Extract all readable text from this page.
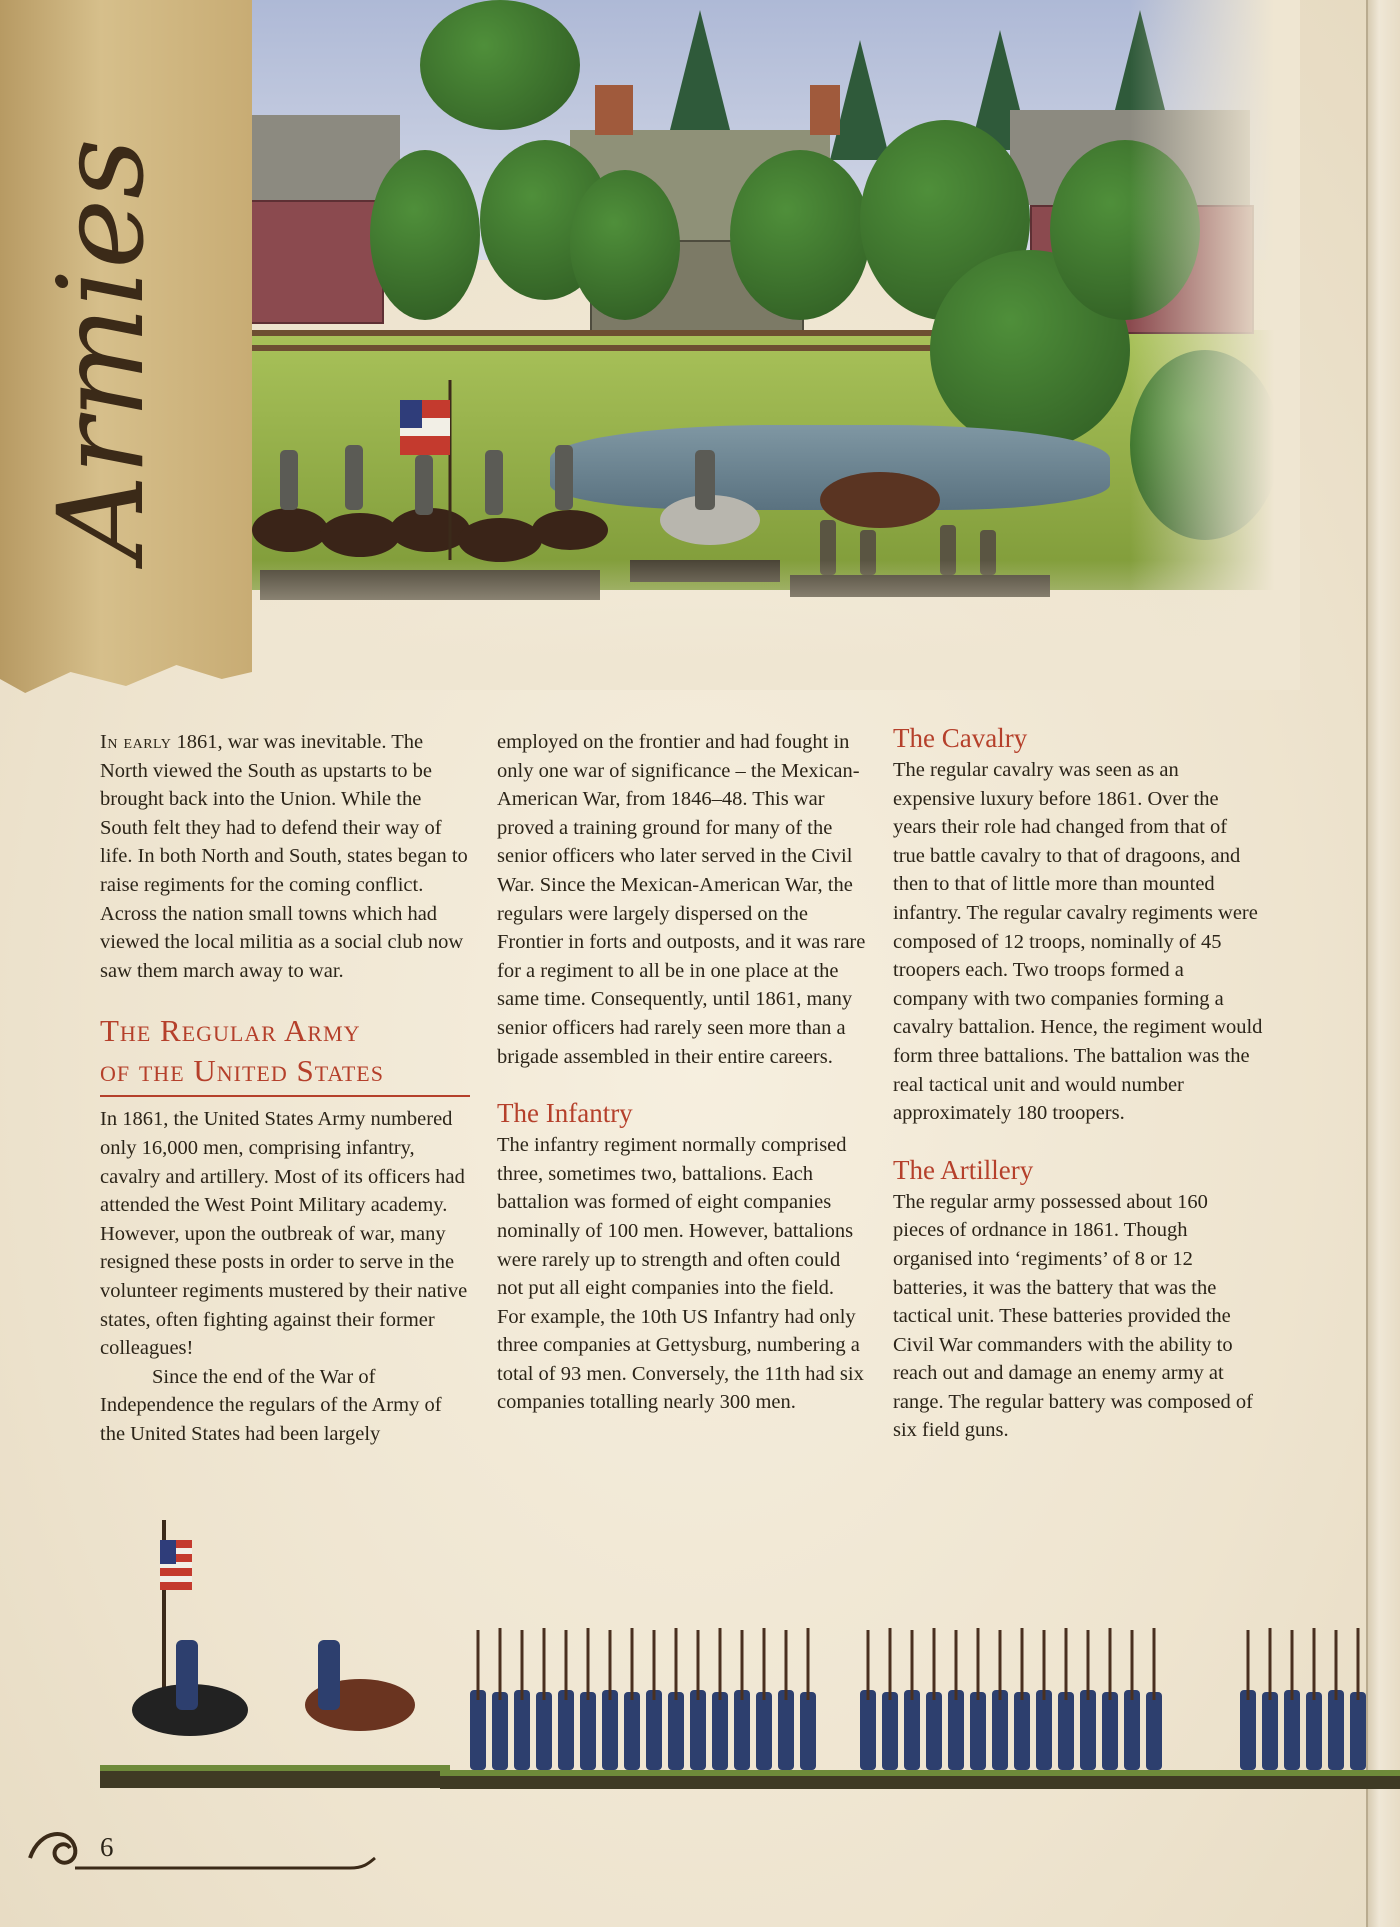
Armies

In early 1861, war was inevitable. The North viewed the South as upstarts to be brought back into the Union. While the South felt they had to defend their way of life. In both North and South, states began to raise regiments for the coming conflict. Across the nation small towns which had viewed the local militia as a social club now saw them march away to war.

The Regular Army
of the United States

In 1861, the United States Army numbered only 16,000 men, comprising infantry, cavalry and artillery. Most of its officers had attended the West Point Military academy. However, upon the outbreak of war, many resigned these posts in order to serve in the volunteer regiments mustered by their native states, often fighting against their former colleagues!

Since the end of the War of Independence the regulars of the Army of the United States had been largely

employed on the frontier and had fought in only one war of significance – the Mexican-American War, from 1846–48. This war proved a training ground for many of the senior officers who later served in the Civil War. Since the Mexican-American War, the regulars were largely dispersed on the Frontier in forts and outposts, and it was rare for a regiment to all be in one place at the same time. Consequently, until 1861, many senior officers had rarely seen more than a brigade assembled in their entire careers.

The Infantry

The infantry regiment normally comprised three, sometimes two, battalions. Each battalion was formed of eight companies nominally of 100 men. However, battalions were rarely up to strength and often could not put all eight companies into the field. For example, the 10th US Infantry had only three companies at Gettysburg, numbering a total of 93 men. Conversely, the 11th had six companies totalling nearly 300 men.

The Cavalry

The regular cavalry was seen as an expensive luxury before 1861. Over the years their role had changed from that of true battle cavalry to that of dragoons, and then to that of little more than mounted infantry. The regular cavalry regiments were composed of 12 troops, nominally of 45 troopers each. Two troops formed a company with two companies forming a cavalry battalion. Hence, the regiment would form three battalions. The battalion was the real tactical unit and would number approximately 180 troopers.

The Artillery

The regular army possessed about 160 pieces of ordnance in 1861. Though organised into ‘regiments’ of 8 or 12 batteries, it was the battery that was the tactical unit. These batteries provided the Civil War commanders with the ability to reach out and damage an enemy army at range. The regular battery was composed of six field guns.

6
